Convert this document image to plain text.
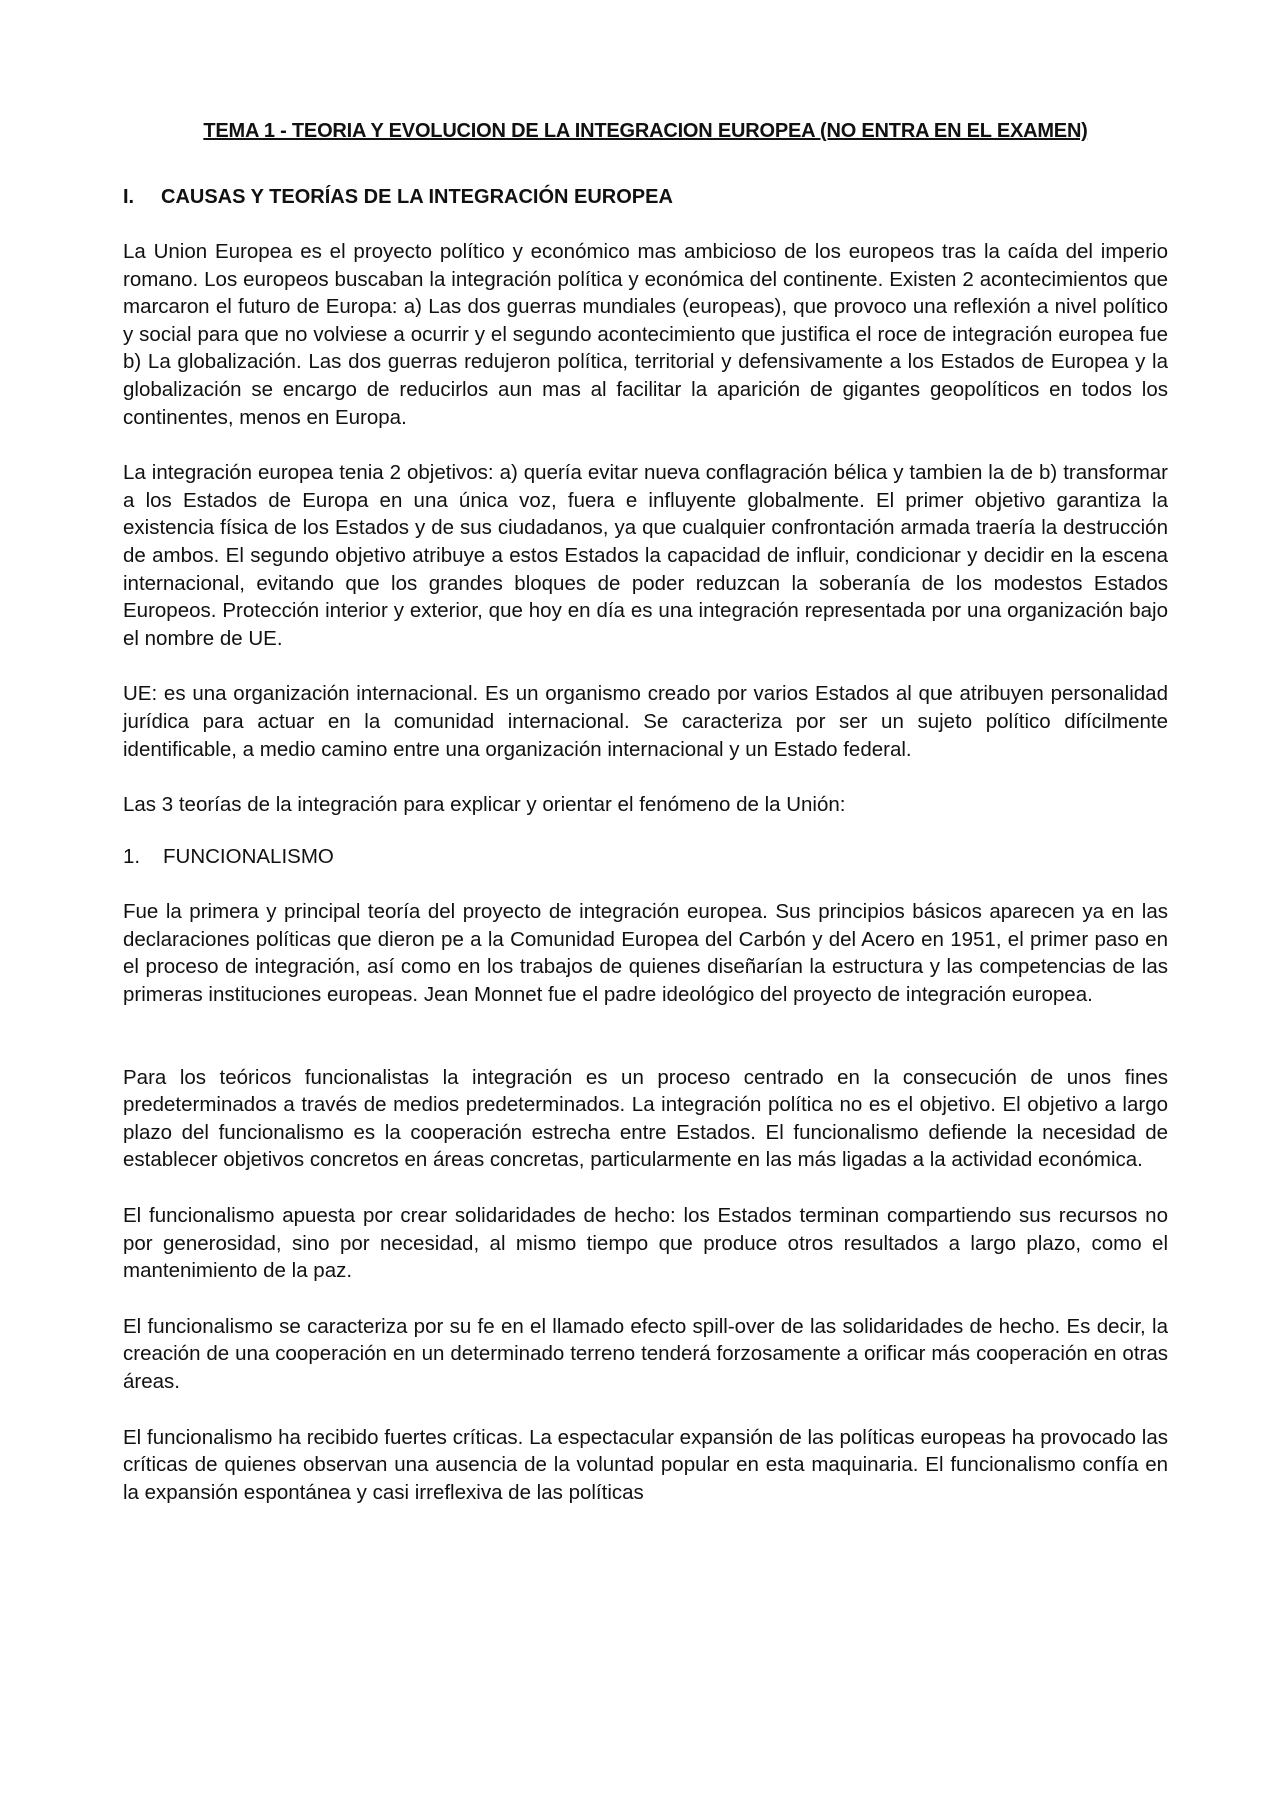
TEMA 1 - TEORIA Y EVOLUCION DE LA INTEGRACION EUROPEA (NO ENTRA EN EL EXAMEN)
I. CAUSAS Y TEORÍAS DE LA INTEGRACIÓN EUROPEA

La Union Europea es el proyecto político y económico mas ambicioso de los europeos tras la caída del imperio romano. Los europeos buscaban la integración política y económica del continente. Existen 2 acontecimientos que marcaron el futuro de Europa: a) Las dos guerras mundiales (europeas), que provoco una reflexión a nivel político y social para que no volviese a ocurrir y el segundo acontecimiento que justifica el roce de integración europea fue b) La globalización. Las dos guerras redujeron política, territorial y defensivamente a los Estados de Europea y la globalización se encargo de reducirlos aun mas al facilitar la aparición de gigantes geopolíticos en todos los continentes, menos en Europa.

La integración europea tenia 2 objetivos: a) quería evitar nueva conflagración bélica y tambien la de b) transformar a los Estados de Europa en una única voz, fuera e influyente globalmente. El primer objetivo garantiza la existencia física de los Estados y de sus ciudadanos, ya que cualquier confrontación armada traería la destrucción de ambos. El segundo objetivo atribuye a estos Estados la capacidad de influir, condicionar y decidir en la escena internacional, evitando que los grandes bloques de poder reduzcan la soberanía de los modestos Estados Europeos. Protección interior y exterior, que hoy en día es una integración representada por una organización bajo el nombre de UE.

UE: es una organización internacional. Es un organismo creado por varios Estados al que atribuyen personalidad jurídica para actuar en la comunidad internacional. Se caracteriza por ser un sujeto político difícilmente identificable, a medio camino entre una organización internacional y un Estado federal.

Las 3 teorías de la integración para explicar y orientar el fenómeno de la Unión:

1. FUNCIONALISMO

Fue la primera y principal teoría del proyecto de integración europea. Sus principios básicos aparecen ya en las declaraciones políticas que dieron pe a la Comunidad Europea del Carbón y del Acero en 1951, el primer paso en el proceso de integración, así como en los trabajos de quienes diseñarían la estructura y las competencias de las primeras instituciones europeas. Jean Monnet fue el padre ideológico del proyecto de integración europea.

Para los teóricos funcionalistas la integración es un proceso centrado en la consecución de unos fines predeterminados a través de medios predeterminados. La integración política no es el objetivo. El objetivo a largo plazo del funcionalismo es la cooperación estrecha entre Estados. El funcionalismo defiende la necesidad de establecer objetivos concretos en áreas concretas, particularmente en las más ligadas a la actividad económica.

El funcionalismo apuesta por crear solidaridades de hecho: los Estados terminan compartiendo sus recursos no por generosidad, sino por necesidad, al mismo tiempo que produce otros resultados a largo plazo, como el mantenimiento de la paz.

El funcionalismo se caracteriza por su fe en el llamado efecto spill-over de las solidaridades de hecho. Es decir, la creación de una cooperación en un determinado terreno tenderá forzosamente a orificar más cooperación en otras áreas.

El funcionalismo ha recibido fuertes críticas. La espectacular expansión de las políticas europeas ha provocado las críticas de quienes observan una ausencia de la voluntad popular en esta maquinaria. El funcionalismo confía en la expansión espontánea y casi irreflexiva de las políticas
